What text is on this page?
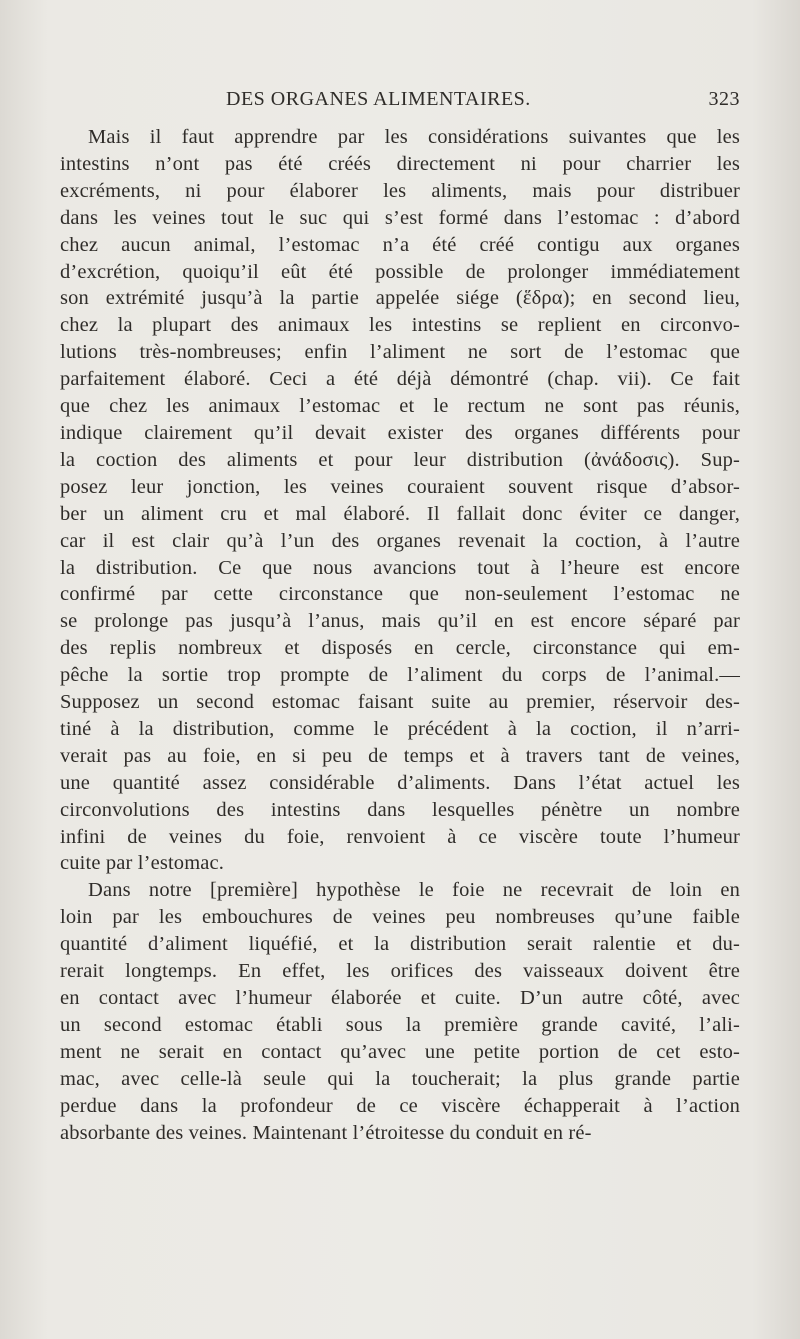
DES ORGANES ALIMENTAIRES.	323

Mais il faut apprendre par les considérations suivantes que les

intestins n’ont pas été créés directement ni pour charrier les

excréments, ni pour élaborer les aliments, mais pour distribuer

dans les veines tout le suc qui s’est formé dans l’estomac : d’abord

chez aucun animal, l’estomac n’a été créé contigu aux organes

d’excrétion, quoiqu’il eût été possible de prolonger immédiatement

son extrémité jusqu’à la partie appelée siége (ἕδρα); en second lieu,

chez la plupart des animaux les intestins se replient en circonvo-

lutions très-nombreuses; enfin l’aliment ne sort de l’estomac que

parfaitement élaboré. Ceci a été déjà démontré (chap. vii). Ce fait

que chez les animaux l’estomac et le rectum ne sont pas réunis,

indique clairement qu’il devait exister des organes différents pour

la coction des aliments et pour leur distribution (ἀνάδοσις). Sup-

posez leur jonction, les veines couraient souvent risque d’absor-

ber un aliment cru et mal élaboré. Il fallait donc éviter ce danger,

car il est clair qu’à l’un des organes revenait la coction, à l’autre

la distribution. Ce que nous avancions tout à l’heure est encore

confirmé par cette circonstance que non-seulement l’estomac ne

se prolonge pas jusqu’à l’anus, mais qu’il en est encore séparé par

des replis nombreux et disposés en cercle, circonstance qui em-

pêche la sortie trop prompte de l’aliment du corps de l’animal.—

Supposez un second estomac faisant suite au premier, réservoir des-

tiné à la distribution, comme le précédent à la coction, il n’arri-

verait pas au foie, en si peu de temps et à travers tant de veines,

une quantité assez considérable d’aliments. Dans l’état actuel les

circonvolutions des intestins dans lesquelles pénètre un nombre

infini de veines du foie, renvoient à ce viscère toute l’humeur

cuite par l’estomac.

Dans notre [première] hypothèse le foie ne recevrait de loin en

loin par les embouchures de veines peu nombreuses qu’une faible

quantité d’aliment liquéfié, et la distribution serait ralentie et du-

rerait longtemps. En effet, les orifices des vaisseaux doivent être

en contact avec l’humeur élaborée et cuite. D’un autre côté, avec

un second estomac établi sous la première grande cavité, l’ali-

ment ne serait en contact qu’avec une petite portion de cet esto-

mac, avec celle-là seule qui la toucherait; la plus grande partie

perdue dans la profondeur de ce viscère échapperait à l’action

absorbante des veines. Maintenant l’étroitesse du conduit en ré-
